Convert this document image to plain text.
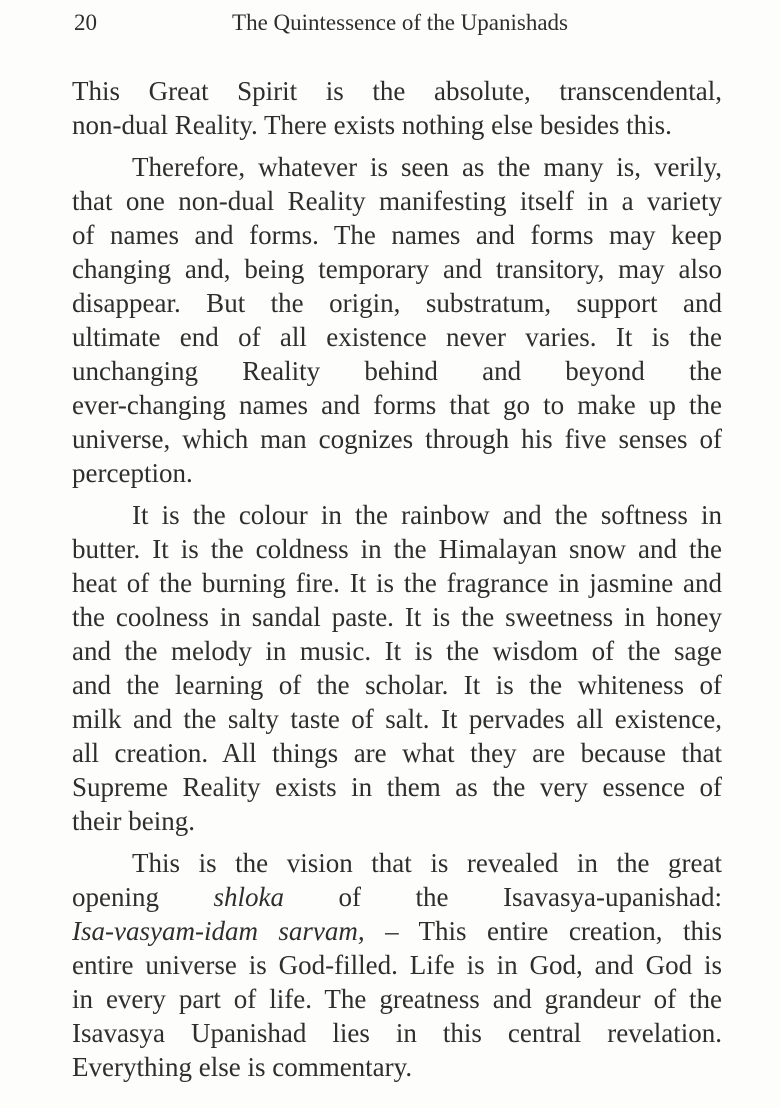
20	The Quintessence of the Upanishads
This Great Spirit is the absolute, transcendental,
non-dual Reality. There exists nothing else besides this.
Therefore, whatever is seen as the many is, verily,
that one non-dual Reality manifesting itself in a variety
of names and forms. The names and forms may keep
changing and, being temporary and transitory, may also
disappear. But the origin, substratum, support and
ultimate end of all existence never varies. It is the
unchanging Reality behind and beyond the
ever-changing names and forms that go to make up the
universe, which man cognizes through his five senses of
perception.
It is the colour in the rainbow and the softness in
butter. It is the coldness in the Himalayan snow and the
heat of the burning fire. It is the fragrance in jasmine and
the coolness in sandal paste. It is the sweetness in honey
and the melody in music. It is the wisdom of the sage
and the learning of the scholar. It is the whiteness of
milk and the salty taste of salt. It pervades all existence,
all creation. All things are what they are because that
Supreme Reality exists in them as the very essence of
their being.
This is the vision that is revealed in the great
opening shloka of the Isavasya-upanishad:
Isa-vasyam-idam sarvam, – This entire creation, this
entire universe is God-filled. Life is in God, and God is
in every part of life. The greatness and grandeur of the
Isavasya Upanishad lies in this central revelation.
Everything else is commentary.
